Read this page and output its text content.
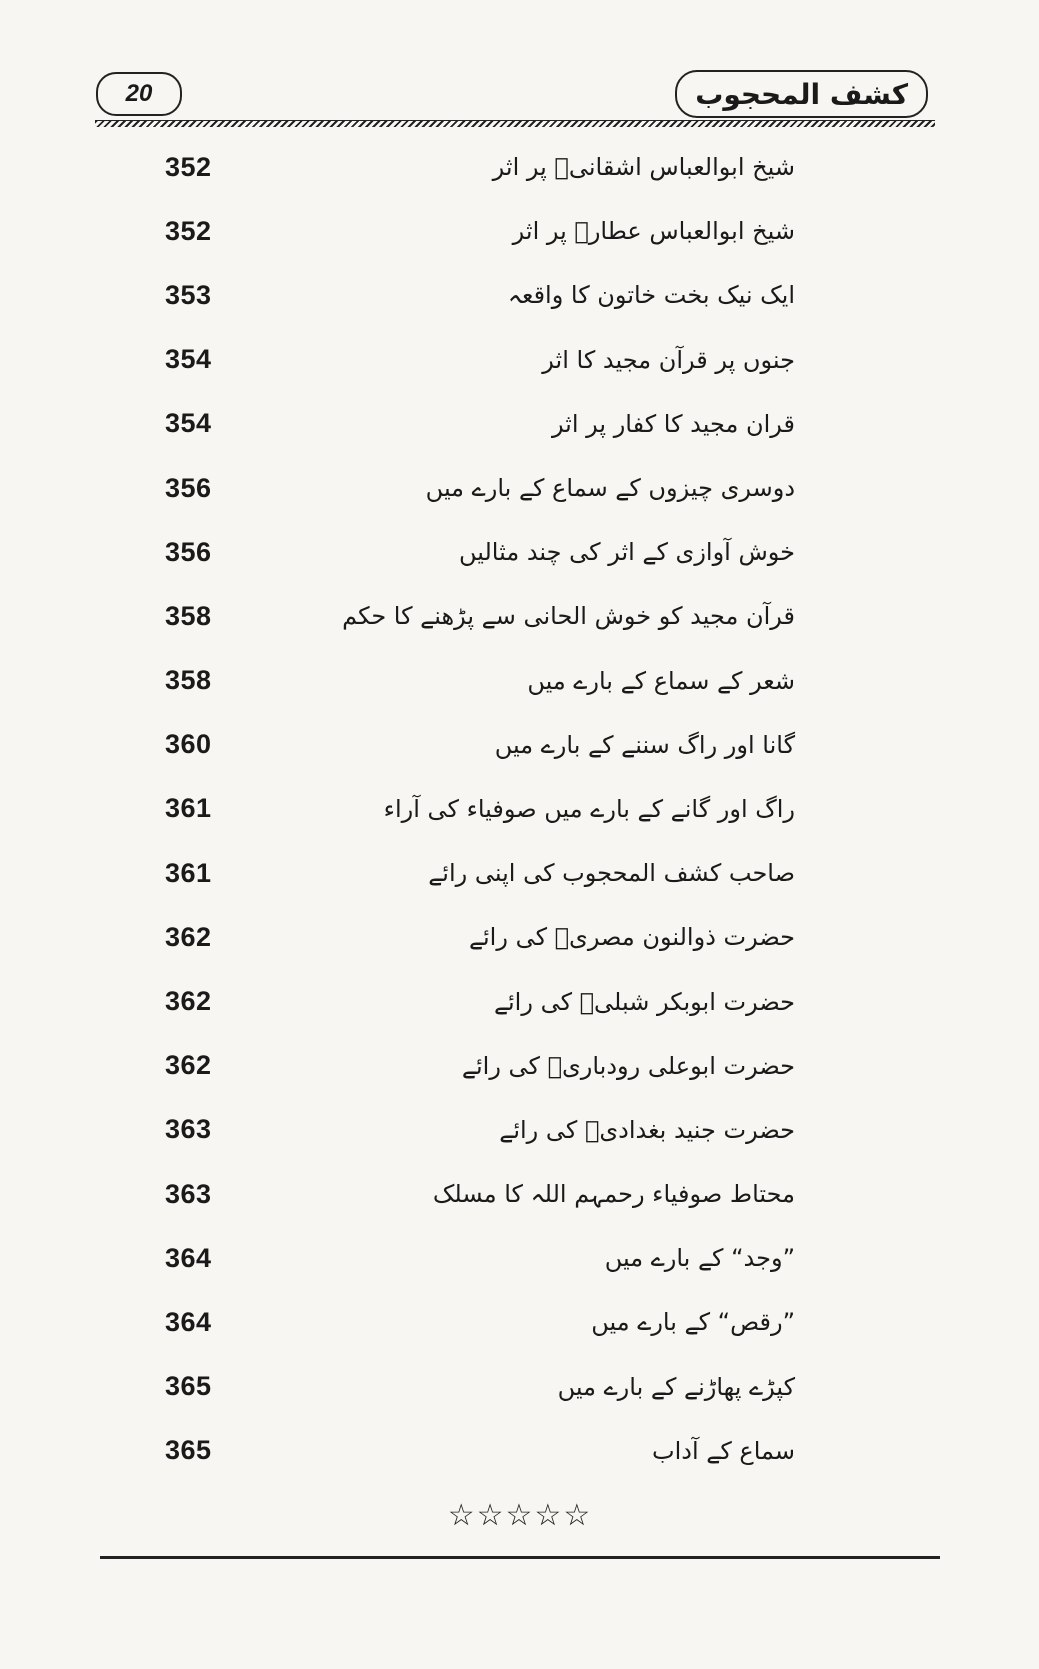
20	كشف المحجوب
352	شیخ ابوالعباس اشقانیؒ پر اثر
352	شیخ ابوالعباس عطارؒ پر اثر
353	ایک نیک بخت خاتون کا واقعہ
354	جنوں پر قرآن مجید کا اثر
354	قران مجید کا کفار پر اثر
356	دوسری چیزوں کے سماع کے بارے میں
356	خوش آوازی کے اثر کی چند مثالیں
358	قرآن مجید کو خوش الحانی سے پڑھنے کا حکم
358	شعر کے سماع کے بارے میں
360	گانا اور راگ سننے کے بارے میں
361	راگ اور گانے کے بارے میں صوفیاء کی آراء
361	صاحب کشف المحجوب کی اپنی رائے
362	حضرت ذوالنون مصریؒ کی رائے
362	حضرت ابوبکر شبلیؒ کی رائے
362	حضرت ابوعلی رودباریؒ کی رائے
363	حضرت جنید بغدادیؒ کی رائے
363	محتاط صوفیاء رحمہم اللہ کا مسلک
364	”وجد“ کے بارے میں
364	”رقص“ کے بارے میں
365	کپڑے پھاڑنے کے بارے میں
365	سماع کے آداب
☆☆☆☆☆
